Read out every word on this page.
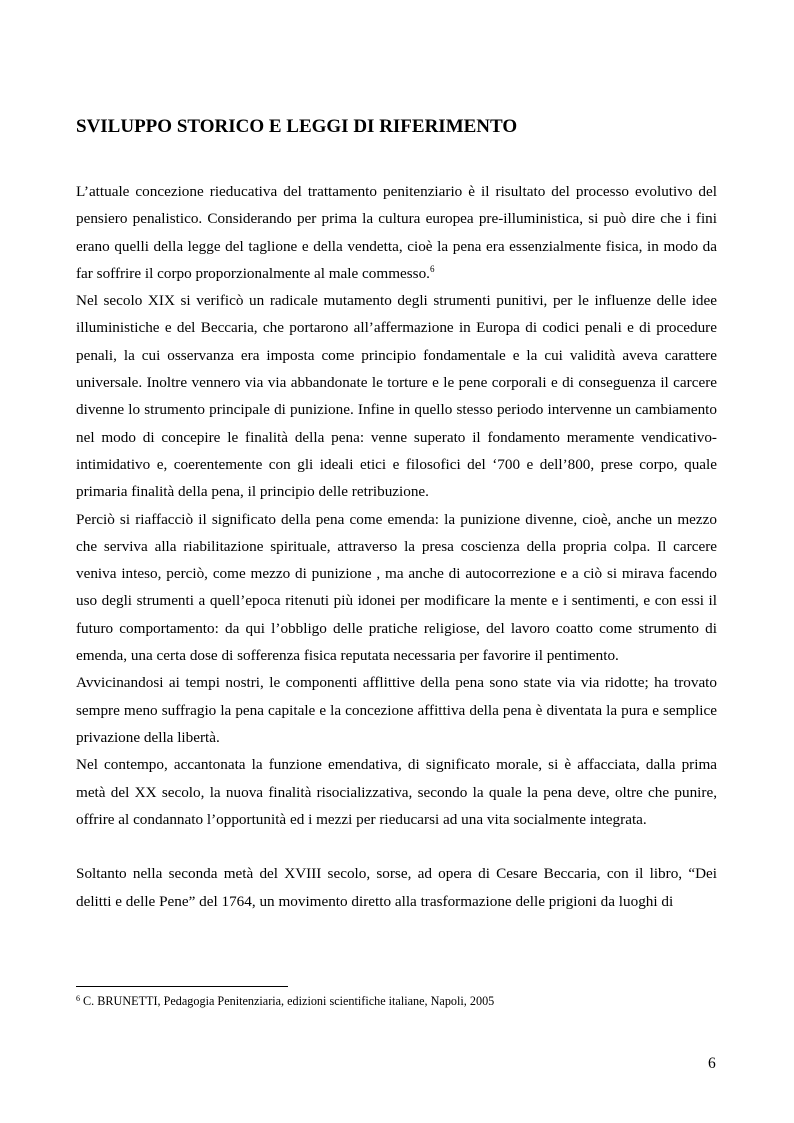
SVILUPPO STORICO E LEGGI DI RIFERIMENTO

L’attuale concezione rieducativa del trattamento penitenziario è il risultato del processo evolutivo del pensiero penalistico. Considerando per prima la cultura europea pre-illuministica, si può dire che i fini erano quelli della legge del taglione e della vendetta, cioè la pena era essenzialmente fisica, in modo da far soffrire il corpo proporzionalmente al male commesso.$^6$

Nel secolo XIX si verificò un radicale mutamento degli strumenti punitivi, per le influenze delle idee illuministiche e del Beccaria, che portarono all’affermazione in Europa di codici penali e di procedure penali, la cui osservanza era imposta come principio fondamentale e la cui validità aveva carattere universale. Inoltre vennero via via abbandonate le torture e le pene corporali e di conseguenza il carcere divenne lo strumento principale di punizione. Infine in quello stesso periodo intervenne un cambiamento nel modo di concepire le finalità della pena: venne superato il fondamento meramente vendicativo- intimidativo e, coerentemente con gli ideali etici e filosofici del ‘700 e dell’800, prese corpo, quale primaria finalità della pena, il principio delle retribuzione.

Perciò si riaffacciò il significato della pena come emenda: la punizione divenne, cioè, anche un mezzo che serviva alla riabilitazione spirituale, attraverso la presa coscienza della propria colpa. Il carcere veniva inteso, perciò, come mezzo di punizione , ma anche di autocorrezione e a ciò si mirava facendo uso degli strumenti a quell’epoca ritenuti più idonei per modificare la mente e i sentimenti, e con essi il futuro comportamento: da qui l’obbligo delle pratiche religiose, del lavoro coatto come strumento di emenda, una certa dose di sofferenza fisica reputata necessaria per favorire il pentimento.

Avvicinandosi ai tempi nostri, le componenti afflittive della pena sono state via via ridotte; ha trovato sempre meno suffragio la pena capitale e la concezione affittiva della pena è diventata la pura e semplice privazione della libertà.

Nel contempo, accantonata la funzione emendativa, di significato morale, si è affacciata, dalla prima metà del XX secolo, la nuova finalità risocializzativa, secondo la quale la pena deve, oltre che punire, offrire al condannato l’opportunità ed i mezzi per rieducarsi ad una vita socialmente integrata.

Soltanto nella seconda metà del XVIII secolo, sorse, ad opera di Cesare Beccaria, con il libro, “Dei delitti e delle Pene” del 1764, un movimento diretto alla trasformazione delle prigioni da luoghi di

$^6$ C. BRUNETTI, Pedagogia Penitenziaria, edizioni scientifiche italiane, Napoli, 2005
6
